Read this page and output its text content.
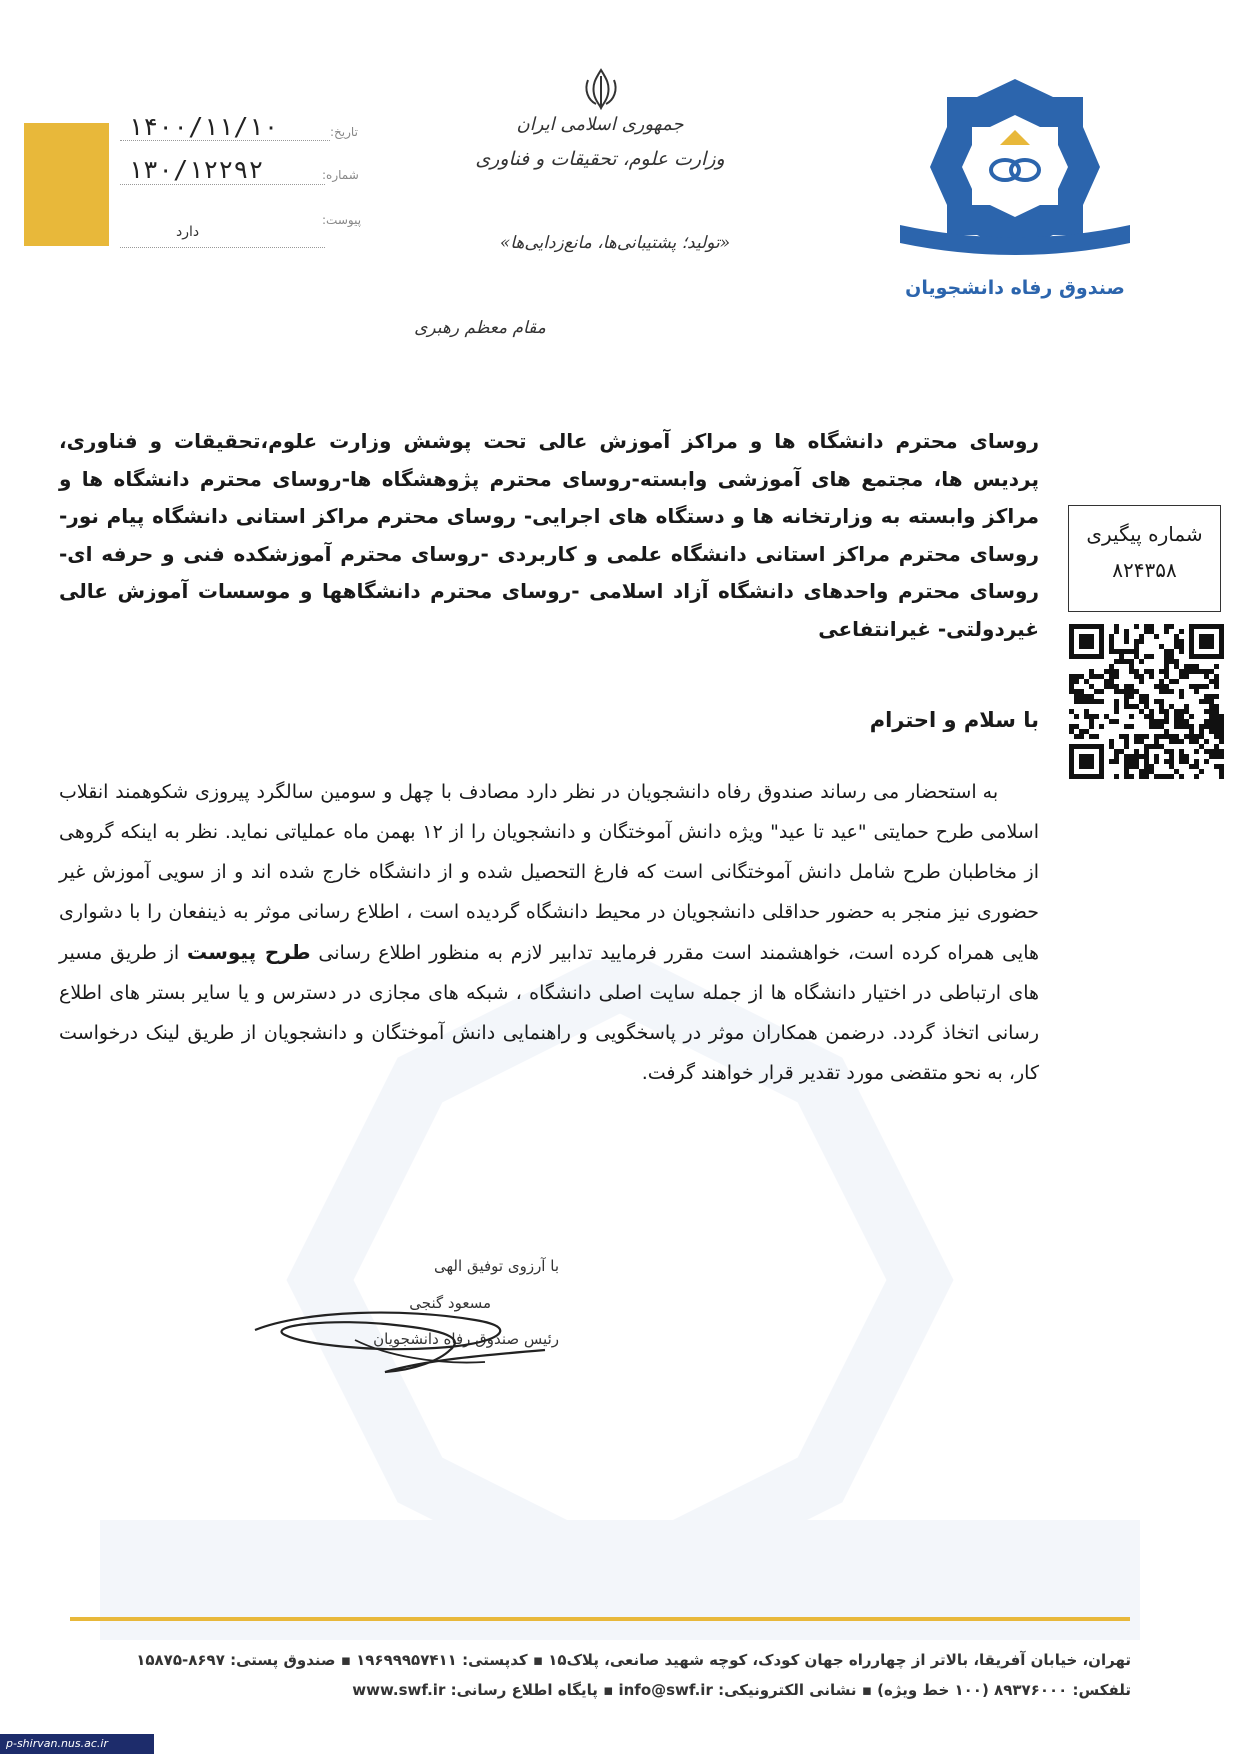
تاریخ:
۱۴۰۰/۱۱/۱۰
شماره:
۱۳۰/۱۲۲۹۲
پیوست:
دارد
جمهوری اسلامی ایران
وزارت علوم، تحقیقات و فناوری
«تولید؛ پشتیبانی‌ها، مانع‌زدایی‌ها»
مقام معظم رهبری
صندوق رفاه دانشجویان
شماره پیگیری
۸۲۴۳۵۸
روسای محترم دانشگاه ها و مراکز آموزش عالی تحت پوشش وزارت علوم،تحقیقات و فناوری، پردیس ها، مجتمع های آموزشی وابسته-روسای محترم پژوهشگاه ها-روسای محترم دانشگاه ها و مراکز وابسته به وزارتخانه ها و دستگاه های اجرایی- روسای محترم مراکز استانی دانشگاه پیام نور- روسای محترم مراکز استانی دانشگاه علمی و کاربردی -روسای محترم آموزشکده فنی و حرفه ای- روسای محترم واحدهای دانشگاه آزاد اسلامی -روسای محترم دانشگاهها و موسسات آموزش عالی غیردولتی- غیرانتفاعی
با سلام و احترام
به استحضار می رساند صندوق رفاه دانشجویان در نظر دارد مصادف با چهل و سومین سالگرد پیروزی شکوهمند انقلاب اسلامی طرح حمایتی "عید تا عید" ویژه دانش آموختگان و دانشجویان را از ۱۲ بهمن ماه عملیاتی نماید. نظر به اینکه گروهی از مخاطبان طرح شامل دانش آموختگانی است که فارغ التحصیل شده و از دانشگاه خارج شده اند و از سویی آموزش غیر حضوری نیز منجر به حضور حداقلی دانشجویان در محیط دانشگاه گردیده است ، اطلاع رسانی موثر به ذینفعان را با دشواری هایی همراه کرده است، خواهشمند است مقرر فرمایید تدابیر لازم به منظور اطلاع رسانی طرح پیوست از طریق مسیر های ارتباطی در اختیار دانشگاه ها از جمله سایت اصلی دانشگاه ، شبکه های مجازی در دسترس و یا سایر بستر های اطلاع رسانی اتخاذ گردد. درضمن همکاران موثر در پاسخگویی و راهنمایی دانش آموختگان و دانشجویان از طریق لینک درخواست کار، به نحو متقضی مورد تقدیر قرار خواهند گرفت.
با آرزوی توفیق الهی
مسعود گنجی
رئیس صندوق رفاه دانشجویان
تهران، خیابان آفریقا، بالاتر از چهارراه جهان کودک، کوچه شهید صانعی، پلاک۱۵ ▪ کدپستی: ۱۹۶۹۹۹۵۷۴۱۱ ▪ صندوق پستی: ۸۶۹۷-۱۵۸۷۵
تلفکس: ۸۹۳۷۶۰۰۰ (۱۰۰ خط ویژه) ▪ نشانی الکترونیکی: info@swf.ir ▪ پایگاه اطلاع رسانی: www.swf.ir
p-shirvan.nus.ac.ir
